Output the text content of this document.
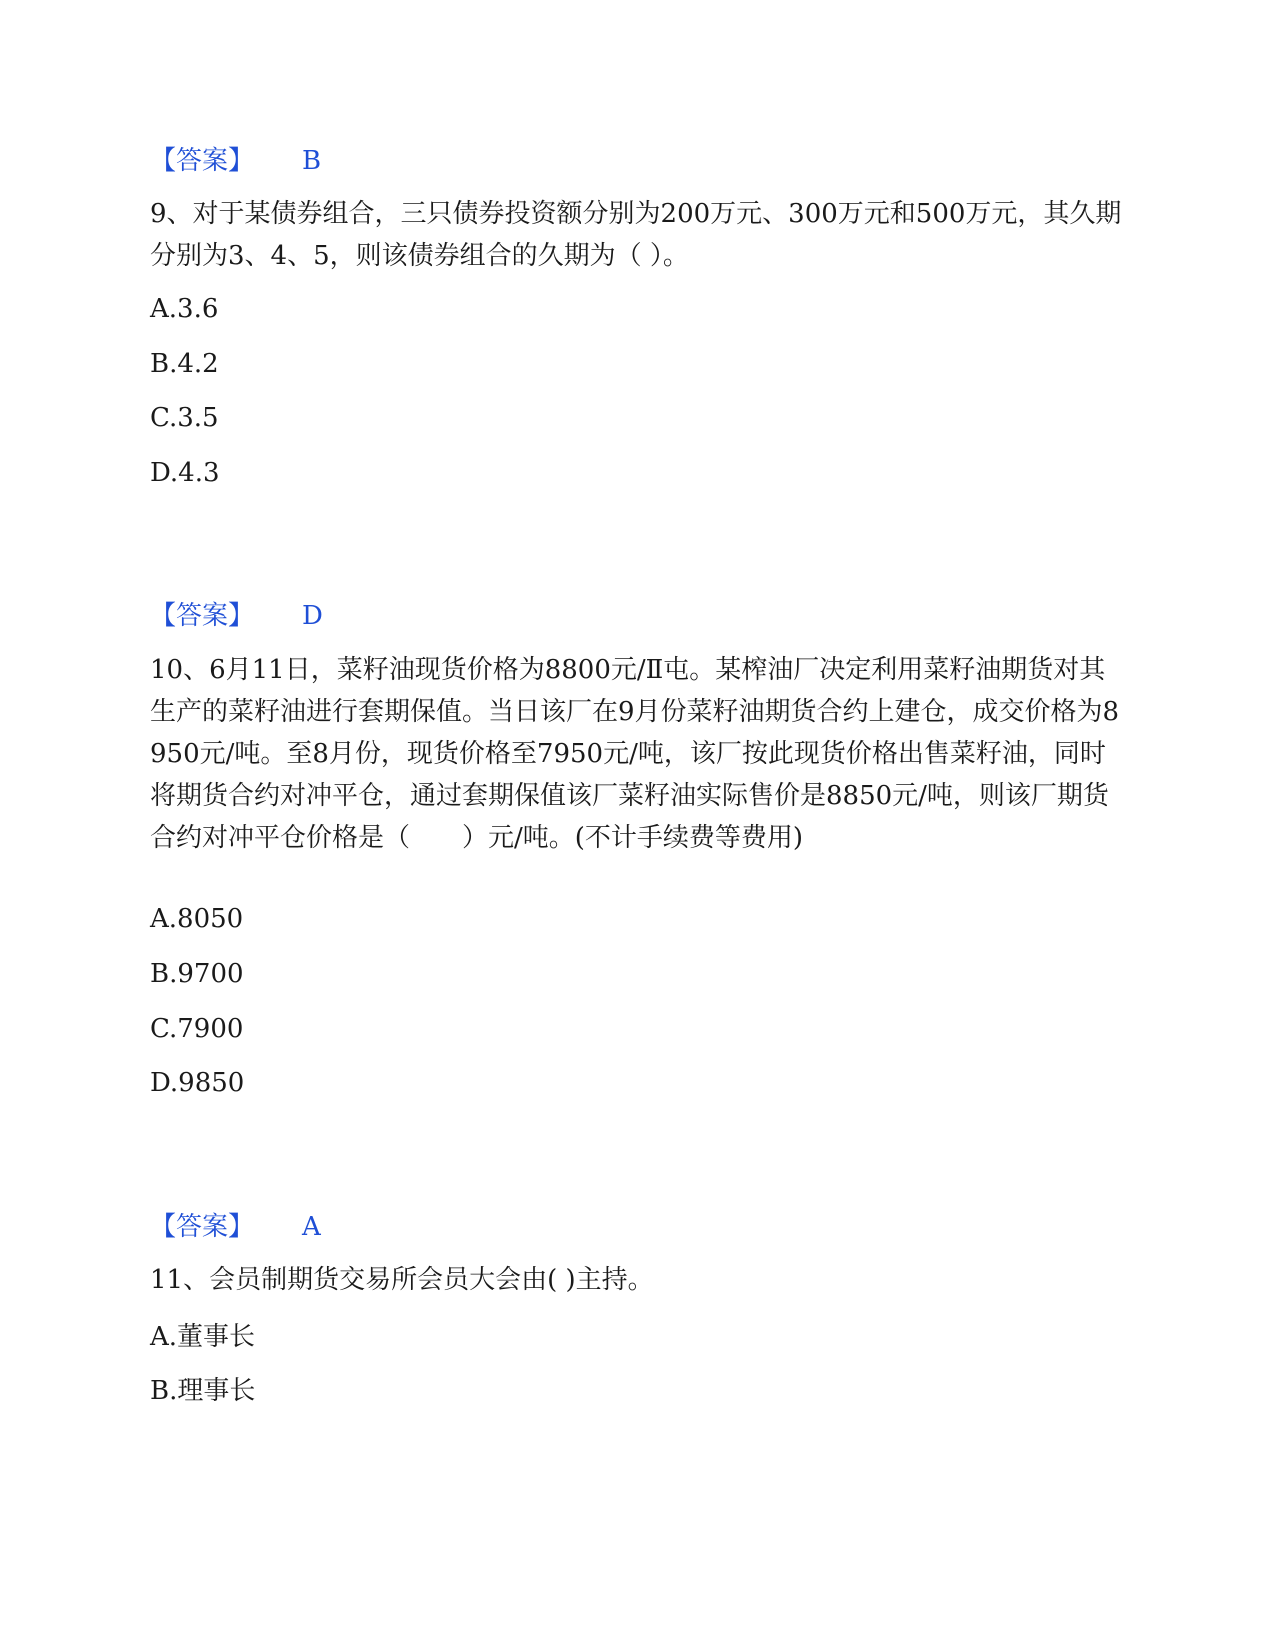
【答案】 B
9、对于某债券组合，三只债券投资额分别为200万元、300万元和500万元，其久期分别为3、4、5，则该债券组合的久期为（ ）。
A.3.6
B.4.2
C.3.5
D.4.3
【答案】 D
10、6月11日，菜籽油现货价格为8800元/Ⅱ屯。某榨油厂决定利用菜籽油期货对其生产的菜籽油进行套期保值。当日该厂在9月份菜籽油期货合约上建仓，成交价格为8950元/吨。至8月份，现货价格至7950元/吨，该厂按此现货价格出售菜籽油，同时将期货合约对冲平仓，通过套期保值该厂菜籽油实际售价是8850元/吨，则该厂期货合约对冲平仓价格是（　　）元/吨。(不计手续费等费用)
A.8050
B.9700
C.7900
D.9850
【答案】 A
11、会员制期货交易所会员大会由( )主持。
A.董事长
B.理事长
